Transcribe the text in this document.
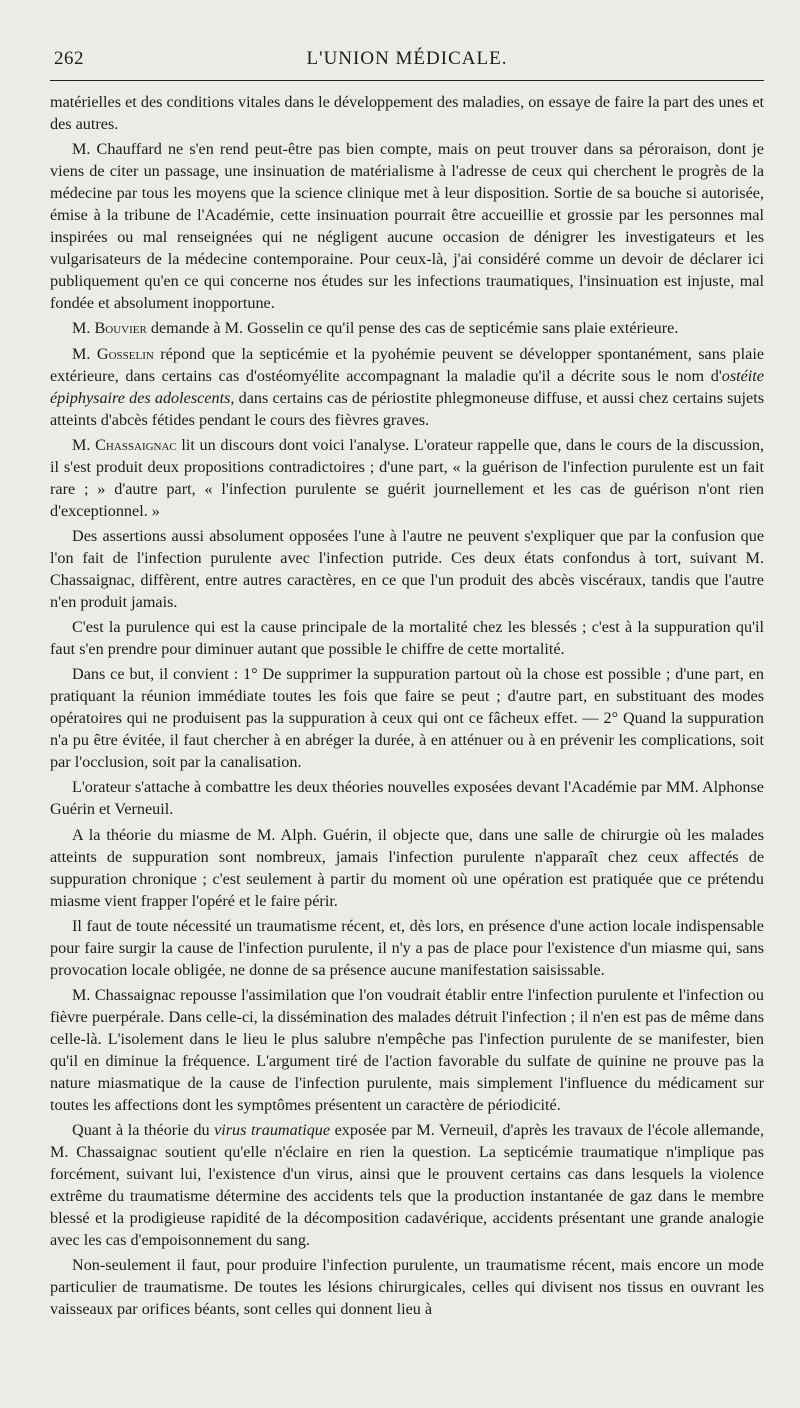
262	L'UNION MÉDICALE.

matérielles et des conditions vitales dans le développement des maladies, on essaye de faire la part des unes et des autres.

M. Chauffard ne s'en rend peut-être pas bien compte, mais on peut trouver dans sa péroraison, dont je viens de citer un passage, une insinuation de matérialisme à l'adresse de ceux qui cherchent le progrès de la médecine par tous les moyens que la science clinique met à leur disposition. Sortie de sa bouche si autorisée, émise à la tribune de l'Académie, cette insinuation pourrait être accueillie et grossie par les personnes mal inspirées ou mal renseignées qui ne négligent aucune occasion de dénigrer les investigateurs et les vulgarisateurs de la médecine contemporaine. Pour ceux-là, j'ai considéré comme un devoir de déclarer ici publiquement qu'en ce qui concerne nos études sur les infections traumatiques, l'insinuation est injuste, mal fondée et absolument inopportune.

M. Bouvier demande à M. Gosselin ce qu'il pense des cas de septicémie sans plaie extérieure.

M. Gosselin répond que la septicémie et la pyohémie peuvent se développer spontanément, sans plaie extérieure, dans certains cas d'ostéomyélite accompagnant la maladie qu'il a décrite sous le nom d'ostéite épiphysaire des adolescents, dans certains cas de périostite phlegmoneuse diffuse, et aussi chez certains sujets atteints d'abcès fétides pendant le cours des fièvres graves.

M. Chassaignac lit un discours dont voici l'analyse. L'orateur rappelle que, dans le cours de la discussion, il s'est produit deux propositions contradictoires ; d'une part, « la guérison de l'infection purulente est un fait rare ; » d'autre part, « l'infection purulente se guérit journellement et les cas de guérison n'ont rien d'exceptionnel. »

Des assertions aussi absolument opposées l'une à l'autre ne peuvent s'expliquer que par la confusion que l'on fait de l'infection purulente avec l'infection putride. Ces deux états confondus à tort, suivant M. Chassaignac, diffèrent, entre autres caractères, en ce que l'un produit des abcès viscéraux, tandis que l'autre n'en produit jamais.

C'est la purulence qui est la cause principale de la mortalité chez les blessés ; c'est à la suppuration qu'il faut s'en prendre pour diminuer autant que possible le chiffre de cette mortalité.

Dans ce but, il convient : 1° De supprimer la suppuration partout où la chose est possible ; d'une part, en pratiquant la réunion immédiate toutes les fois que faire se peut ; d'autre part, en substituant des modes opératoires qui ne produisent pas la suppuration à ceux qui ont ce fâcheux effet. — 2° Quand la suppuration n'a pu être évitée, il faut chercher à en abréger la durée, à en atténuer ou à en prévenir les complications, soit par l'occlusion, soit par la canalisation.

L'orateur s'attache à combattre les deux théories nouvelles exposées devant l'Académie par MM. Alphonse Guérin et Verneuil.

A la théorie du miasme de M. Alph. Guérin, il objecte que, dans une salle de chirurgie où les malades atteints de suppuration sont nombreux, jamais l'infection purulente n'apparaît chez ceux affectés de suppuration chronique ; c'est seulement à partir du moment où une opération est pratiquée que ce prétendu miasme vient frapper l'opéré et le faire périr.

Il faut de toute nécessité un traumatisme récent, et, dès lors, en présence d'une action locale indispensable pour faire surgir la cause de l'infection purulente, il n'y a pas de place pour l'existence d'un miasme qui, sans provocation locale obligée, ne donne de sa présence aucune manifestation saisissable.

M. Chassaignac repousse l'assimilation que l'on voudrait établir entre l'infection purulente et l'infection ou fièvre puerpérale. Dans celle-ci, la dissémination des malades détruit l'infection ; il n'en est pas de même dans celle-là. L'isolement dans le lieu le plus salubre n'empêche pas l'infection purulente de se manifester, bien qu'il en diminue la fréquence. L'argument tiré de l'action favorable du sulfate de quinine ne prouve pas la nature miasmatique de la cause de l'infection purulente, mais simplement l'influence du médicament sur toutes les affections dont les symptômes présentent un caractère de périodicité.

Quant à la théorie du virus traumatique exposée par M. Verneuil, d'après les travaux de l'école allemande, M. Chassaignac soutient qu'elle n'éclaire en rien la question. La septicémie traumatique n'implique pas forcément, suivant lui, l'existence d'un virus, ainsi que le prouvent certains cas dans lesquels la violence extrême du traumatisme détermine des accidents tels que la production instantanée de gaz dans le membre blessé et la prodigieuse rapidité de la décomposition cadavérique, accidents présentant une grande analogie avec les cas d'empoisonnement du sang.

Non-seulement il faut, pour produire l'infection purulente, un traumatisme récent, mais encore un mode particulier de traumatisme. De toutes les lésions chirurgicales, celles qui divisent nos tissus en ouvrant les vaisseaux par orifices béants, sont celles qui donnent lieu à
